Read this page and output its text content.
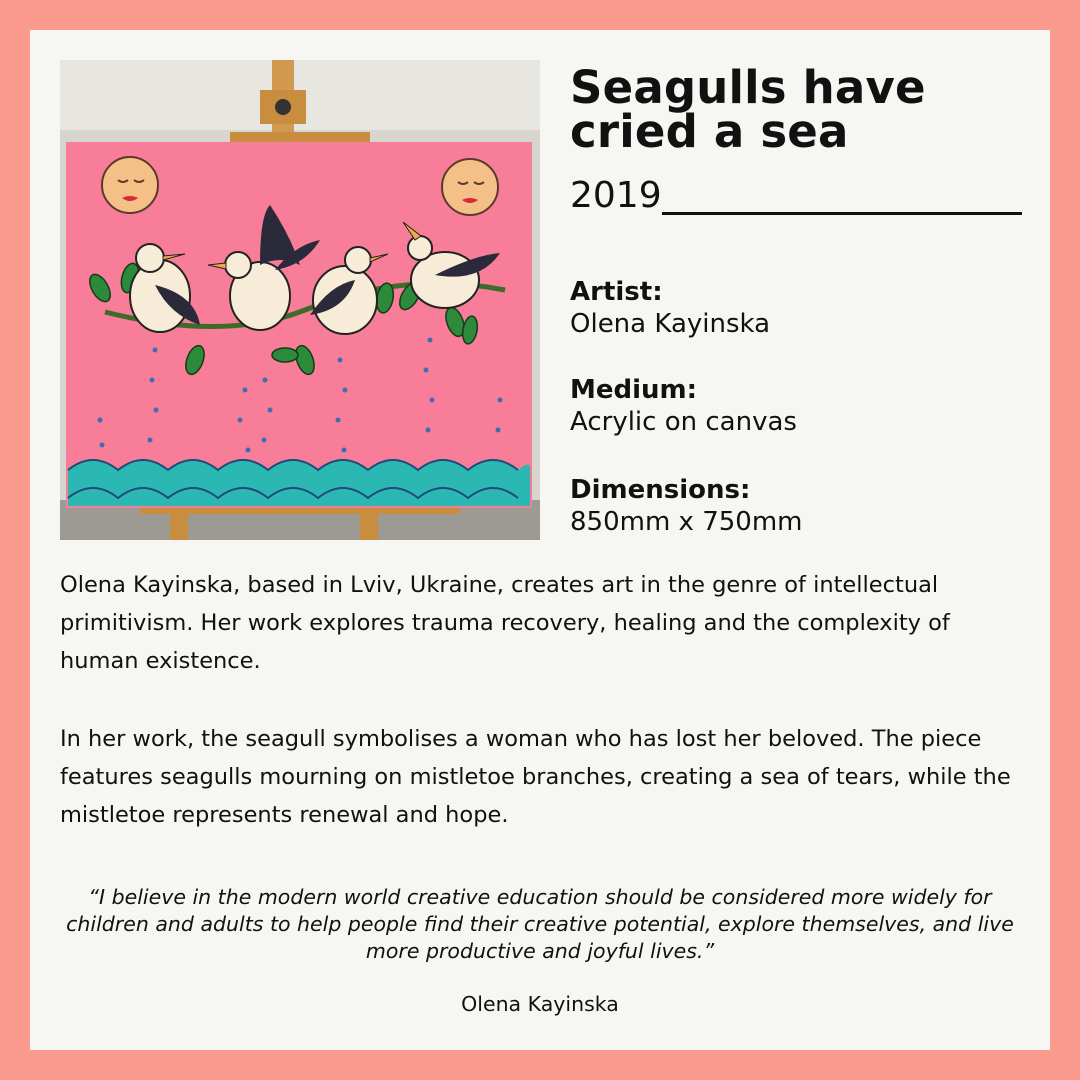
Seagulls have cried a sea
2019
Artist:
Olena Kayinska
Medium:
Acrylic on canvas
Dimensions:
850mm x 750mm

Olena Kayinska, based in Lviv, Ukraine, creates art in the genre of intellectual primitivism. Her work explores trauma recovery, healing and the complexity of human existence.

In her work, the seagull symbolises a woman who has lost her beloved. The piece features seagulls mourning on mistletoe branches, creating a sea of tears, while the mistletoe represents renewal and hope.

“I believe in the modern world creative education should be considered more widely for children and adults to help people find their creative potential, explore themselves, and live more productive and joyful lives.”

Olena Kayinska
